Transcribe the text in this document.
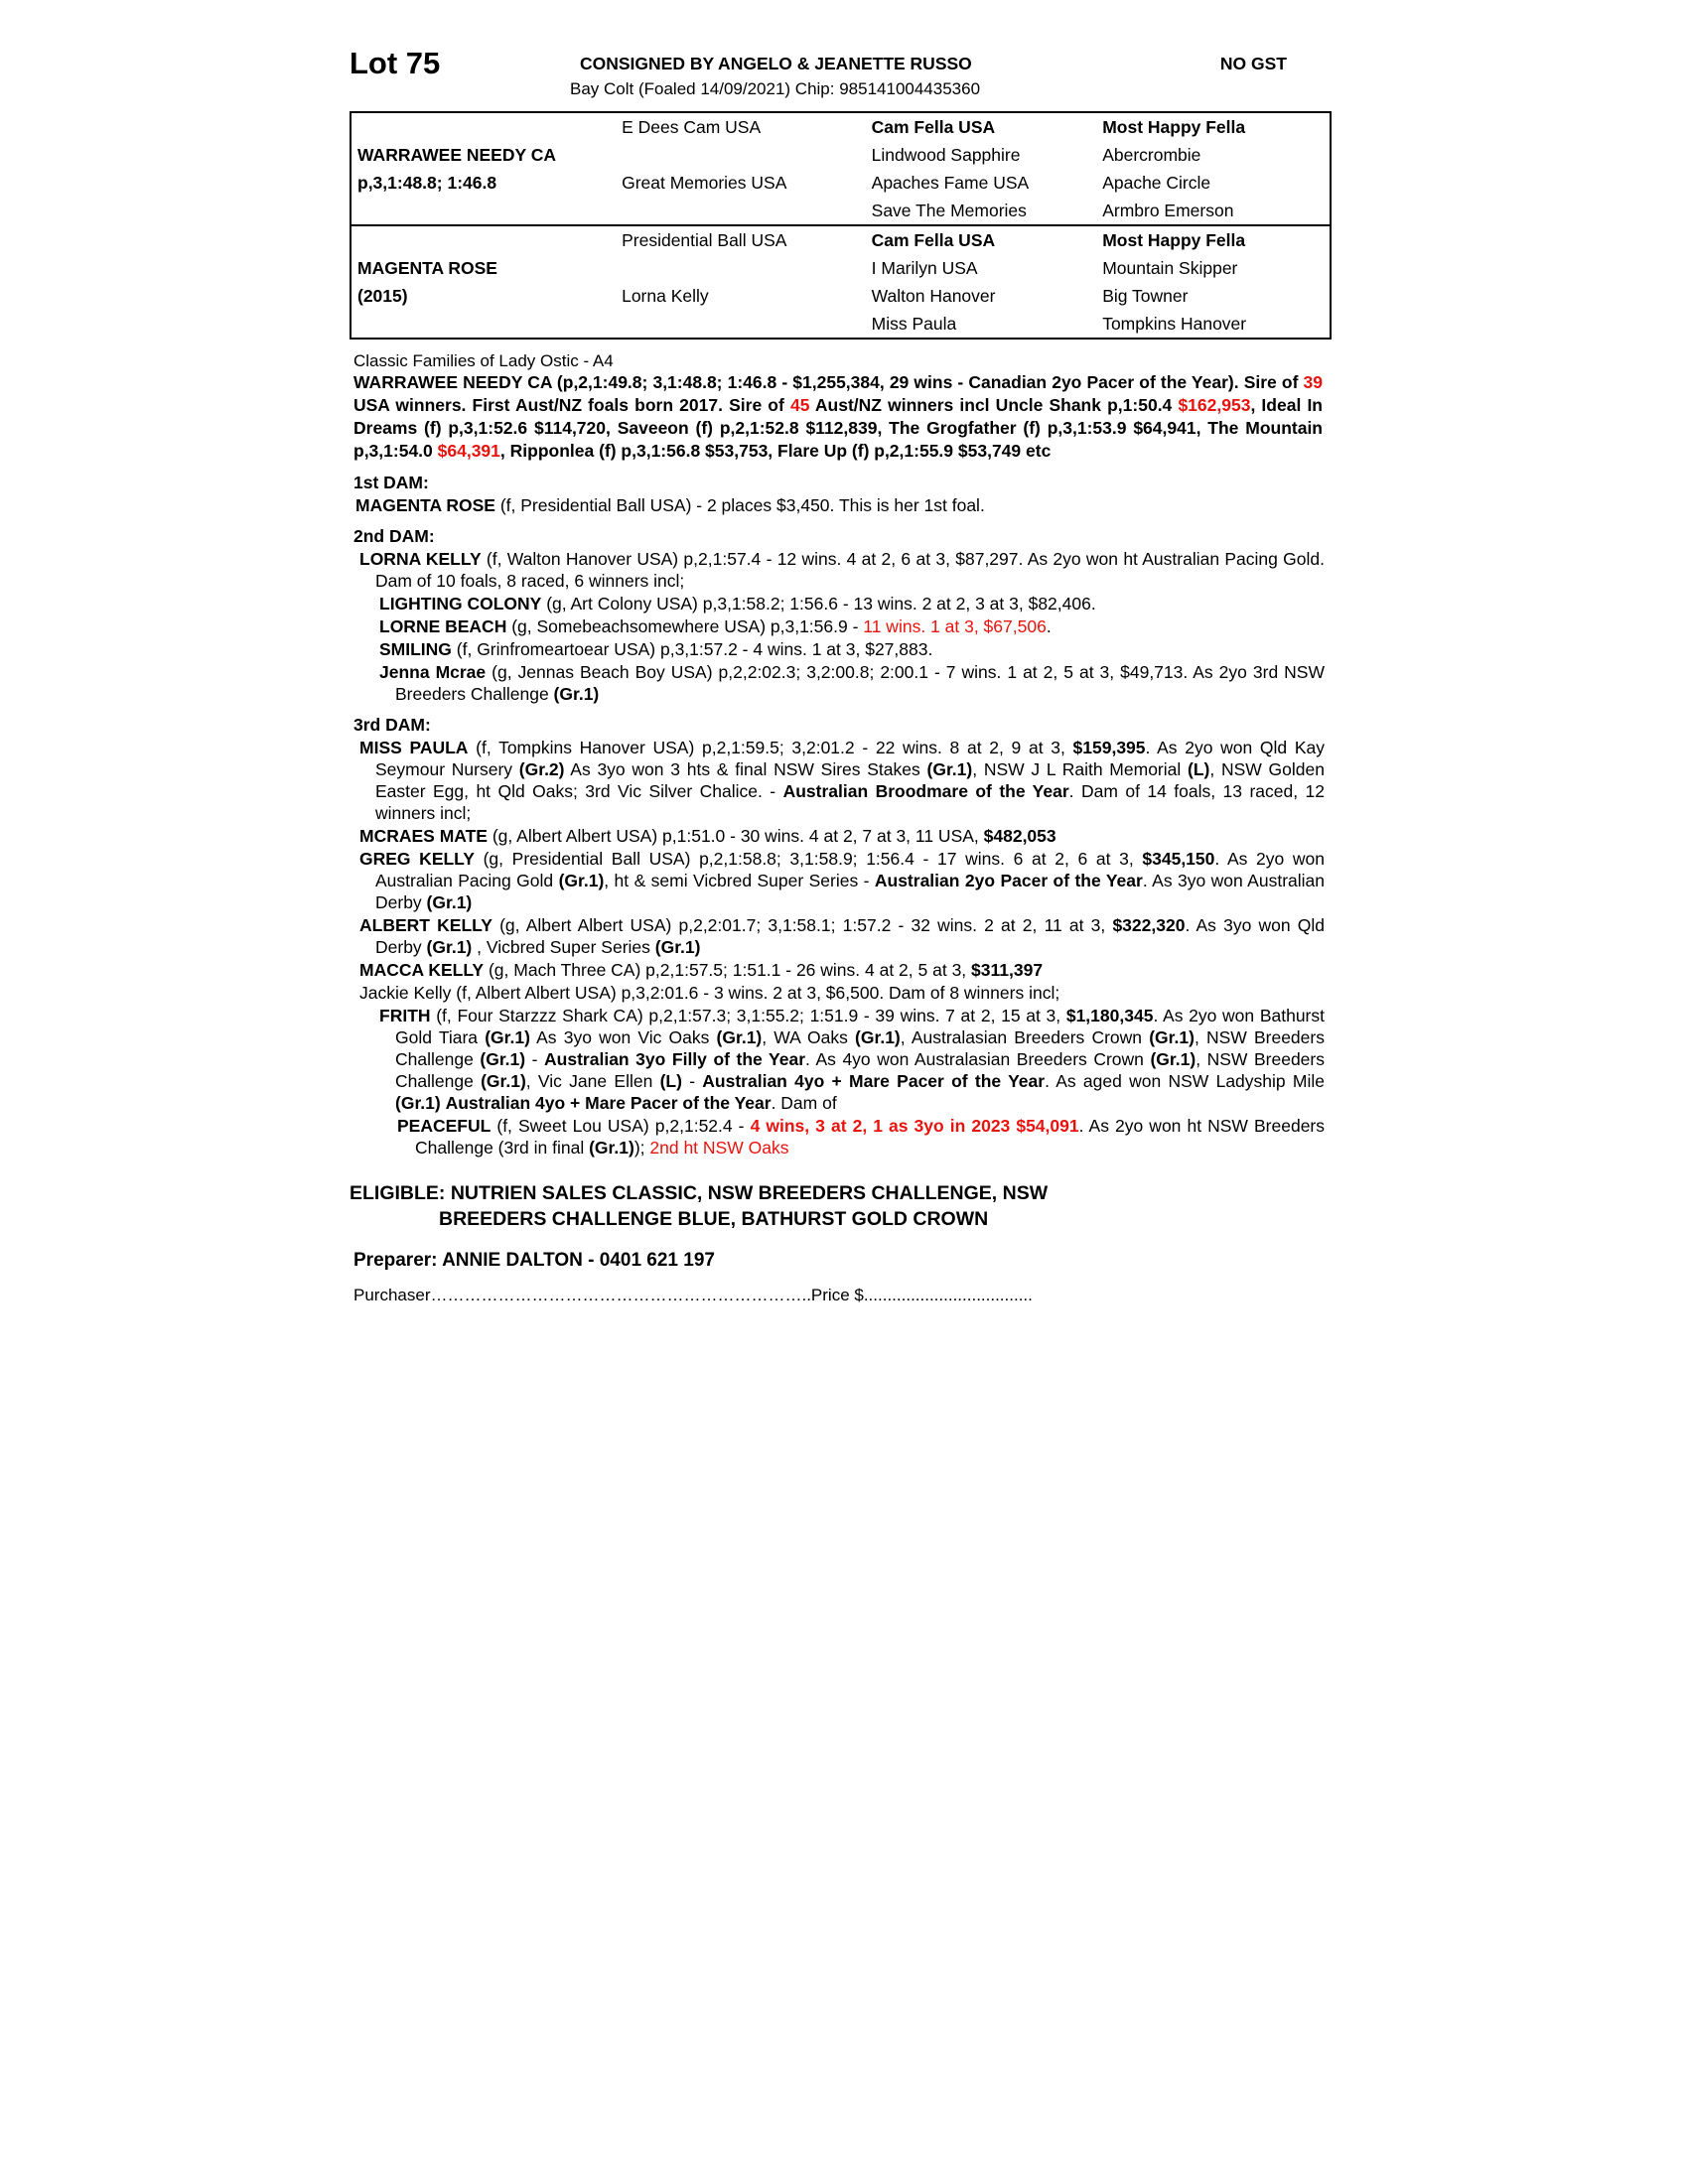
Lot 75	CONSIGNED BY ANGELO & JEANETTE RUSSO	NO GST
Bay Colt (Foaled 14/09/2021) Chip: 985141004435360
	E Dees Cam USA	Cam Fella USA	Most Happy Fella
WARRAWEE NEEDY CA		Lindwood Sapphire	Abercrombie
p,3,1:48.8; 1:46.8	Great Memories USA	Apaches Fame USA	Apache Circle
		Save The Memories	Armbro Emerson
	Presidential Ball USA	Cam Fella USA	Most Happy Fella
MAGENTA ROSE		I Marilyn USA	Mountain Skipper
(2015)	Lorna Kelly	Walton Hanover	Big Towner
		Miss Paula	Tompkins Hanover
Classic Families of Lady Ostic - A4
WARRAWEE NEEDY CA (p,2,1:49.8; 3,1:48.8; 1:46.8 - $1,255,384, 29 wins - Canadian 2yo Pacer of the Year). Sire of 39 USA winners. First Aust/NZ foals born 2017. Sire of 45 Aust/NZ winners incl Uncle Shank p,1:50.4 $162,953, Ideal In Dreams (f) p,3,1:52.6 $114,720, Saveeon (f) p,2,1:52.8 $112,839, The Grogfather (f) p,3,1:53.9 $64,941, The Mountain p,3,1:54.0 $64,391, Ripponlea (f) p,3,1:56.8 $53,753, Flare Up (f) p,2,1:55.9 $53,749 etc
1st DAM:
MAGENTA ROSE (f, Presidential Ball USA) - 2 places $3,450. This is her 1st foal.
2nd DAM:
LORNA KELLY (f, Walton Hanover USA) p,2,1:57.4 - 12 wins. 4 at 2, 6 at 3, $87,297. As 2yo won ht Australian Pacing Gold. Dam of 10 foals, 8 raced, 6 winners incl;
LIGHTING COLONY (g, Art Colony USA) p,3,1:58.2; 1:56.6 - 13 wins. 2 at 2, 3 at 3, $82,406.
LORNE BEACH (g, Somebeachsomewhere USA) p,3,1:56.9 - 11 wins. 1 at 3, $67,506.
SMILING (f, Grinfromeartoear USA) p,3,1:57.2 - 4 wins. 1 at 3, $27,883.
Jenna Mcrae (g, Jennas Beach Boy USA) p,2,2:02.3; 3,2:00.8; 2:00.1 - 7 wins. 1 at 2, 5 at 3, $49,713. As 2yo 3rd NSW Breeders Challenge (Gr.1)
3rd DAM:
MISS PAULA (f, Tompkins Hanover USA) p,2,1:59.5; 3,2:01.2 - 22 wins. 8 at 2, 9 at 3, $159,395. As 2yo won Qld Kay Seymour Nursery (Gr.2) As 3yo won 3 hts & final NSW Sires Stakes (Gr.1), NSW J L Raith Memorial (L), NSW Golden Easter Egg, ht Qld Oaks; 3rd Vic Silver Chalice. - Australian Broodmare of the Year. Dam of 14 foals, 13 raced, 12 winners incl;
MCRAES MATE (g, Albert Albert USA) p,1:51.0 - 30 wins. 4 at 2, 7 at 3, 11 USA, $482,053
GREG KELLY (g, Presidential Ball USA) p,2,1:58.8; 3,1:58.9; 1:56.4 - 17 wins. 6 at 2, 6 at 3, $345,150. As 2yo won Australian Pacing Gold (Gr.1), ht & semi Vicbred Super Series - Australian 2yo Pacer of the Year. As 3yo won Australian Derby (Gr.1)
ALBERT KELLY (g, Albert Albert USA) p,2,2:01.7; 3,1:58.1; 1:57.2 - 32 wins. 2 at 2, 11 at 3, $322,320. As 3yo won Qld Derby (Gr.1) , Vicbred Super Series (Gr.1)
MACCA KELLY (g, Mach Three CA) p,2,1:57.5; 1:51.1 - 26 wins. 4 at 2, 5 at 3, $311,397
Jackie Kelly (f, Albert Albert USA) p,3,2:01.6 - 3 wins. 2 at 3, $6,500. Dam of 8 winners incl;
FRITH (f, Four Starzzz Shark CA) p,2,1:57.3; 3,1:55.2; 1:51.9 - 39 wins. 7 at 2, 15 at 3, $1,180,345. As 2yo won Bathurst Gold Tiara (Gr.1) As 3yo won Vic Oaks (Gr.1), WA Oaks (Gr.1), Australasian Breeders Crown (Gr.1), NSW Breeders Challenge (Gr.1) - Australian 3yo Filly of the Year. As 4yo won Australasian Breeders Crown (Gr.1), NSW Breeders Challenge (Gr.1), Vic Jane Ellen (L) - Australian 4yo + Mare Pacer of the Year. As aged won NSW Ladyship Mile (Gr.1) Australian 4yo + Mare Pacer of the Year. Dam of
PEACEFUL (f, Sweet Lou USA) p,2,1:52.4 - 4 wins, 3 at 2, 1 as 3yo in 2023 $54,091. As 2yo won ht NSW Breeders Challenge (3rd in final (Gr.1)); 2nd ht NSW Oaks
ELIGIBLE: NUTRIEN SALES CLASSIC, NSW BREEDERS CHALLENGE, NSW
BREEDERS CHALLENGE BLUE, BATHURST GOLD CROWN
Preparer: ANNIE DALTON - 0401 621 197
Purchaser…………………………………………………………..Price $....................................
